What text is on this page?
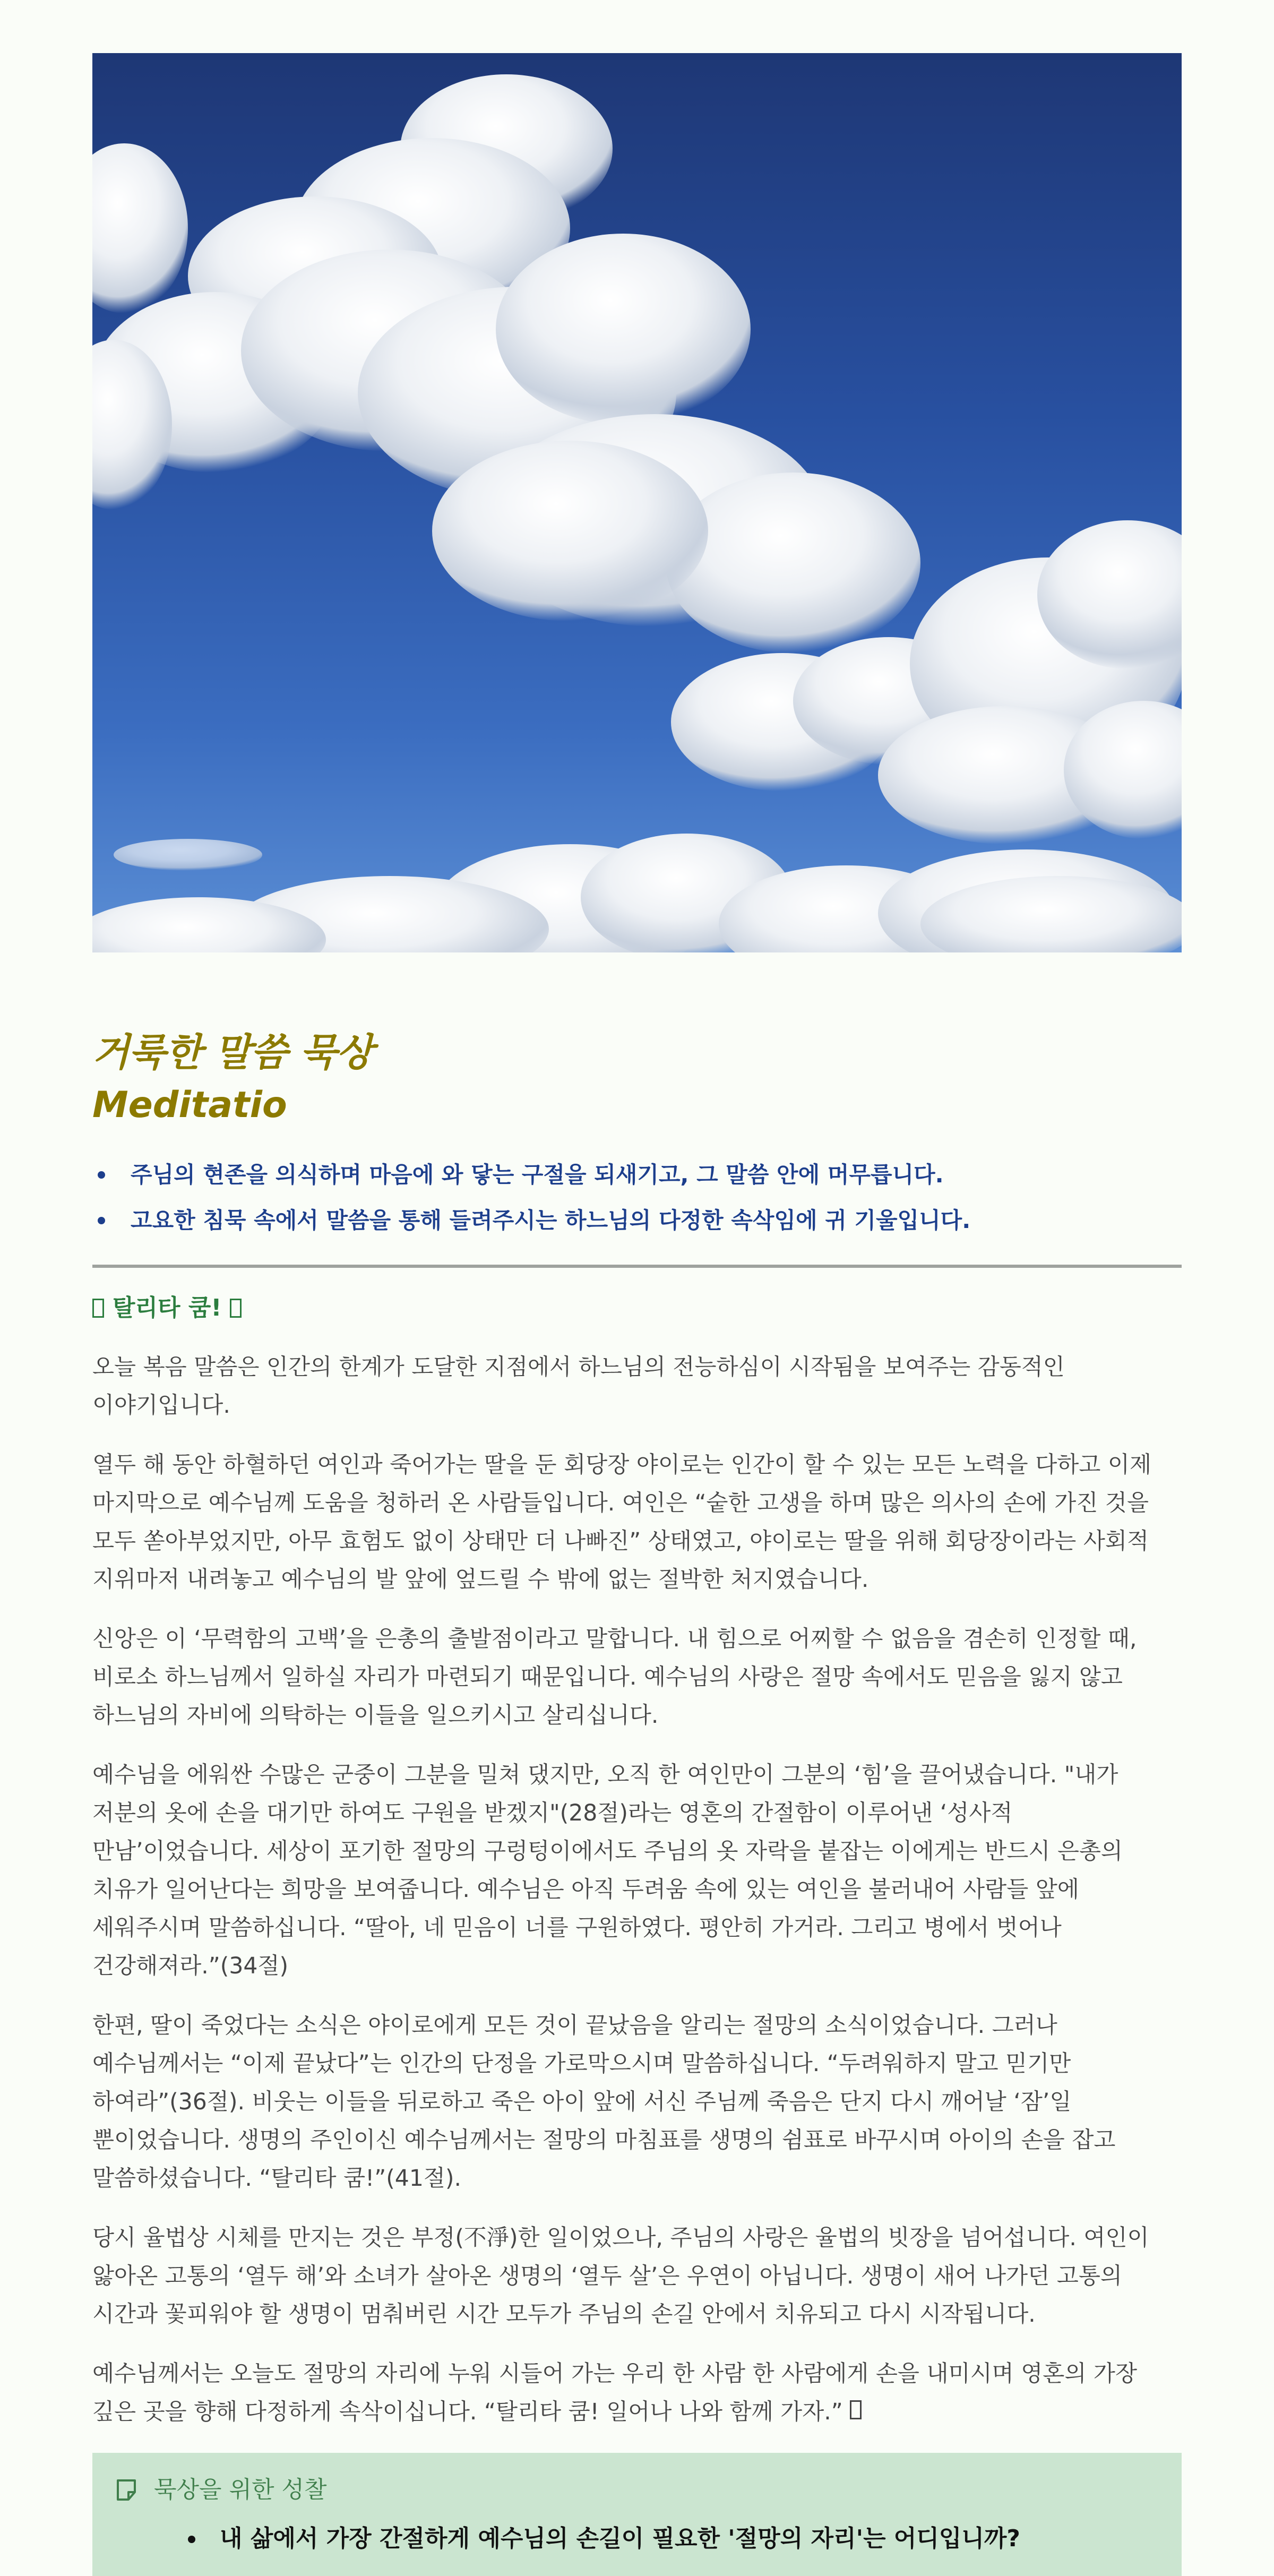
거룩한 말씀 묵상
Meditatio
주님의 현존을 의식하며 마음에 와 닿는 구절을 되새기고, 그 말씀 안에 머무릅니다.
고요한 침묵 속에서 말씀을 통해 들려주시는 하느님의 다정한 속삭임에 귀 기울입니다.
탈리타 쿰!

오늘 복음 말씀은 인간의 한계가 도달한 지점에서 하느님의 전능하심이 시작됨을 보여주는 감동적인 이야기입니다.

열두 해 동안 하혈하던 여인과 죽어가는 딸을 둔 회당장 야이로는 인간이 할 수 있는 모든 노력을 다하고 이제 마지막으로 예수님께 도움을 청하러 온 사람들입니다. 여인은 “숱한 고생을 하며 많은 의사의 손에 가진 것을 모두 쏟아부었지만, 아무 효험도 없이 상태만 더 나빠진” 상태였고, 야이로는 딸을 위해 회당장이라는 사회적 지위마저 내려놓고 예수님의 발 앞에 엎드릴 수 밖에 없는 절박한 처지였습니다.

신앙은 이 ‘무력함의 고백’을 은총의 출발점이라고 말합니다. 내 힘으로 어찌할 수 없음을 겸손히 인정할 때, 비로소 하느님께서 일하실 자리가 마련되기 때문입니다. 예수님의 사랑은 절망 속에서도 믿음을 잃지 않고 하느님의 자비에 의탁하는 이들을 일으키시고 살리십니다.

예수님을 에워싼 수많은 군중이 그분을 밀쳐 댔지만, 오직 한 여인만이 그분의 ‘힘’을 끌어냈습니다. "내가 저분의 옷에 손을 대기만 하여도 구원을 받겠지"(28절)라는 영혼의 간절함이 이루어낸 ‘성사적 만남’이었습니다. 세상이 포기한 절망의 구렁텅이에서도 주님의 옷 자락을 붙잡는 이에게는 반드시 은총의 치유가 일어난다는 희망을 보여줍니다. 예수님은 아직 두려움 속에 있는 여인을 불러내어 사람들 앞에 세워주시며 말씀하십니다. “딸아, 네 믿음이 너를 구원하였다. 평안히 가거라. 그리고 병에서 벗어나 건강해져라.”(34절)

한편, 딸이 죽었다는 소식은 야이로에게 모든 것이 끝났음을 알리는 절망의 소식이었습니다. 그러나 예수님께서는 “이제 끝났다”는 인간의 단정을 가로막으시며 말씀하십니다. “두려워하지 말고 믿기만 하여라”(36절). 비웃는 이들을 뒤로하고 죽은 아이 앞에 서신 주님께 죽음은 단지 다시 깨어날 ‘잠’일 뿐이었습니다. 생명의 주인이신 예수님께서는 절망의 마침표를 생명의 쉼표로 바꾸시며 아이의 손을 잡고 말씀하셨습니다. “탈리타 쿰!”(41절).

당시 율법상 시체를 만지는 것은 부정(不淨)한 일이었으나, 주님의 사랑은 율법의 빗장을 넘어섭니다. 여인이 앓아온 고통의 ‘열두 해’와 소녀가 살아온 생명의 ‘열두 살’은 우연이 아닙니다. 생명이 새어 나가던 고통의 시간과 꽃피워야 할 생명이 멈춰버린 시간 모두가 주님의 손길 안에서 치유되고 다시 시작됩니다.

예수님께서는 오늘도 절망의 자리에 누워 시들어 가는 우리 한 사람 한 사람에게 손을 내미시며 영혼의 가장 깊은 곳을 향해 다정하게 속삭이십니다. “탈리타 쿰! 일어나 나와 함께 가자.”

묵상을 위한 성찰
내 삶에서 가장 간절하게 예수님의 손길이 필요한 '절망의 자리'는 어디입니까?
